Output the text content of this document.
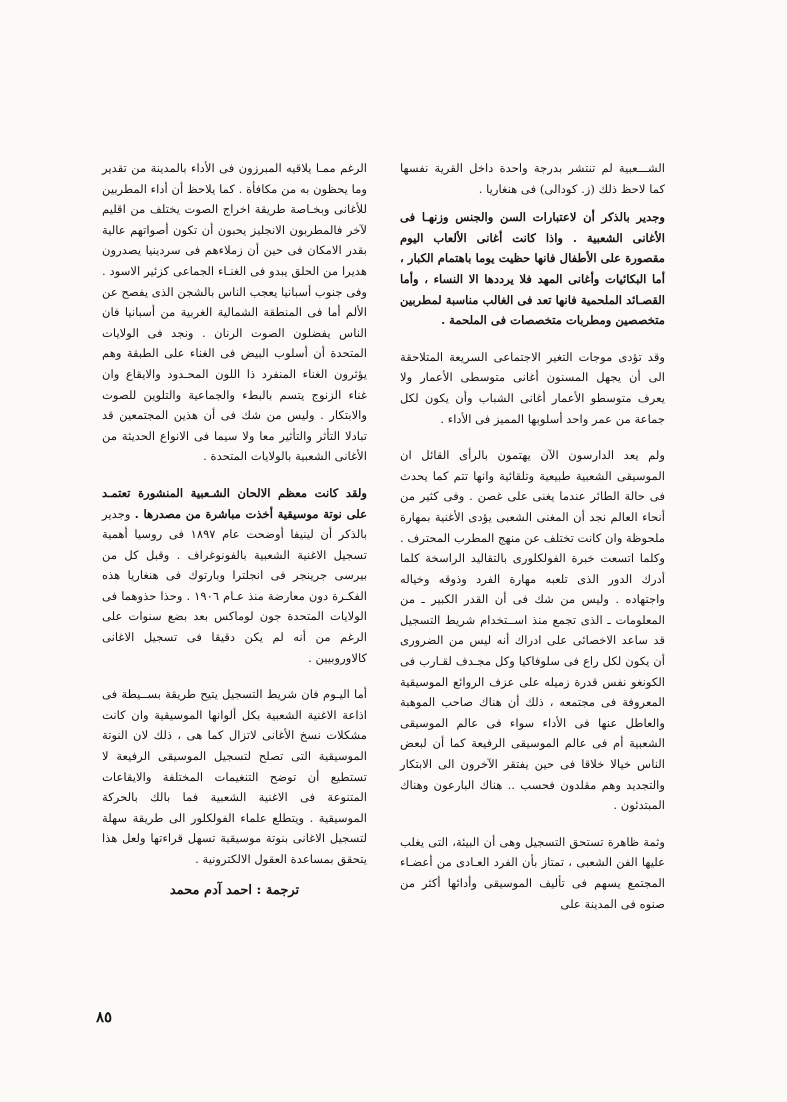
الشـــعبية لم تنتشر بدرجة واحدة داخل القرية نفسها كما لاحظ ذلك (ز. كودالى) فى هنغاريا .

وجدير بالذكر أن لاعتبارات السن والجنس وزنهـا فى الأغانى الشعبية . واذا كانت أغانى الألعاب اليوم مقصورة على الأطفال فانها حظيت يوما باهتمام الكبار ، أما البكائيات وأغانى المهد فلا يرددها الا النساء ، وأما القصـائد الملحمية فانها تعد فى الغالب مناسبة لمطربين متخصصين ومطربات متخصصات فى الملحمة .

وقد تؤدى موجات التغير الاجتماعى السريعة المتلاحقة الى أن يجهل المسنون أغانى متوسطى الأعمار ولا يعرف متوسطو الأعمار أغانى الشباب وأن يكون لكل جماعة من عمر واحد أسلوبها المميز فى الأداء .

ولم يعد الدارسون الآن يهتمون بالرأى القائل ان الموسيقى الشعبية طبيعية وتلقائية وانها تتم كما يحدث فى حالة الطائر عندما يغنى على غصن . وفى كثير من أنحاء العالم نجد أن المغنى الشعبى يؤدى الأغنية بمهارة ملحوظة وان كانت تختلف عن منهج المطرب المحترف . وكلما اتسعت خبرة الفولكلورى بالتقاليد الراسخة كلما أدرك الدور الذى تلعبه مهارة الفرد وذوقه وخياله واجتهاده . وليس من شك فى أن القدر الكبير ـ من المعلومات ـ الذى تجمع منذ اســتخدام شريط التسجيل قد ساعد الاخصائى على ادراك أنه ليس من الضرورى أن يكون لكل راع فى سلوفاكيا وكل مجـدف لقـارب فى الكونغو نفس قدرة زميله على عزف الروائع الموسيقية المعروفة فى مجتمعه ، ذلك أن هناك صاحب الموهبة والعاطل عنها فى الأداء سواء فى عالم الموسيقى الشعبية أم فى عالم الموسيقى الرفيعة كما أن لبعض الناس خيالا خلاقا فى حين يفتقر الآخرون الى الابتكار والتجديد وهم مقلدون فحسب .. هناك البارعون وهناك المبتدئون .

وثمة ظاهرة تستحق التسجيل وهى أن البيئة، التى يغلب عليها الفن الشعبى ، تمتاز بأن الفرد العـادى من أعضـاء المجتمع يسهم فى تأليف الموسيقى وأدائها أكثر من صنوه فى المدينة على

الرغم ممـا يلاقيه المبرزون فى الأداء بالمدينة من تقدير وما يحظون به من مكافأة . كما يلاحظ أن أداء المطربين للأغانى وبخـاصة طريقة اخراج الصوت يختلف من اقليم لآخر فالمطربون الانجليز يحبون أن تكون أصواتهم عالية بقدر الامكان فى حين أن زملاءهم فى سردينيا يصدرون هديرا من الحلق يبدو فى الغنـاء الجماعى كزئير الاسود . وفى جنوب أسبانيا يعجب الناس بالشجن الذى يفصح عن الألم أما فى المنطقة الشمالية الغربية من أسبانيا فان الناس يفضلون الصوت الرنان . ونجد فى الولايات المتحدة أن أسلوب البيض فى الغناء على الطبقة وهم يؤثرون الغناء المنفرد ذا اللون المحـدود والايقاع وان غناء الزنوج يتسم بالبطء والجماعية والتلوين للصوت والابتكار . وليس من شك فى أن هذين المجتمعين قد تبادلا التأثر والتأثير معا ولا سيما فى الانواع الحديثة من الأغانى الشعبية بالولايات المتحدة .

ولقد كانت معظم الالحان الشـعبية المنشورة تعتمـد على نوتة موسيقية أخذت مباشرة من مصدرها . وجدير بالذكر أن لينيفا أوضحت عام ١٨٩٧ فى روسيا أهمية تسجيل الاغنية الشعبية بالفونوغراف . وقبل كل من بيرسى جرينجر فى انجلترا وبارتوك فى هنغاريا هذه الفكـرة دون معارضة منذ عـام ١٩٠٦ . وحذا حذوهما فى الولايات المتحدة جون لوماكس بعد بضع سنوات على الرغم من أنه لم يكن دقيقا فى تسجيل الاغانى كالاوروبيين .

أما اليـوم فان شريط التسجيل يتيح طريقة بســيطة فى اذاعة الاغنية الشعبية بكل ألوانها الموسيقية وان كانت مشكلات نسخ الأغانى لاتزال كما هى ، ذلك لان النوتة الموسيقية التى تصلح لتسجيل الموسيقى الرفيعة لا تستطيع أن توضح التنغيمات المختلفة والايقاعات المتنوعة فى الاغنية الشعبية فما بالك بالحركة الموسيقية . ويتطلع علماء الفولكلور الى طريقة سهلة لتسجيل الاغانى بنوتة موسيقية تسهل قراءتها ولعل هذا يتحقق بمساعدة العقول الالكترونية .

ترجمة : احمد آدم محمد
٨٥
